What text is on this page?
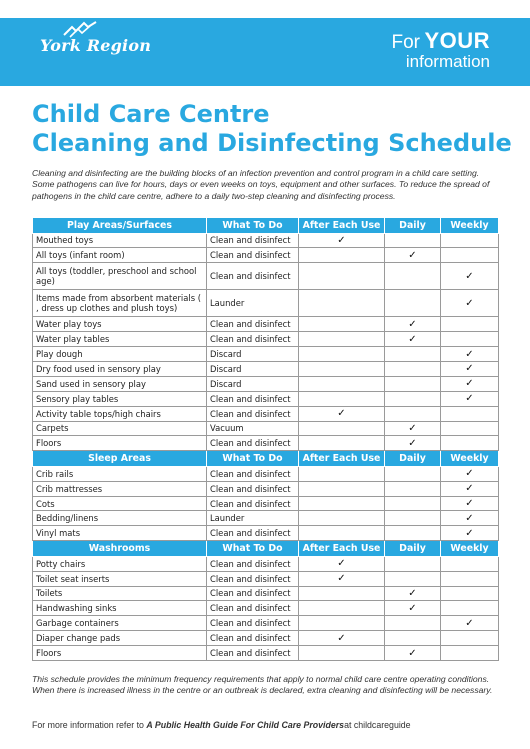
York Region	For YOUR
information
Child Care Centre
Cleaning and Disinfecting Schedule

Cleaning and disinfecting are the building blocks of an infection prevention and control program in a child care setting. Some pathogens can live for hours, days or even weeks on toys, equipment and other surfaces. To reduce the spread of pathogens in the child care centre, adhere to a daily two-step cleaning and disinfecting process.

Play Areas/Surfaces	What To Do	After Each Use	Daily	Weekly
Mouthed toys	Clean and disinfect	✓		
All toys (infant room)	Clean and disinfect		✓	
All toys (toddler, preschool and school age)	Clean and disinfect			✓
Items made from absorbent materials ( , dress up clothes and plush toys)	Launder			✓
Water play toys	Clean and disinfect		✓	
Water play tables	Clean and disinfect		✓	
Play dough	Discard			✓
Dry food used in sensory play	Discard			✓
Sand used in sensory play	Discard			✓
Sensory play tables	Clean and disinfect			✓
Activity table tops/high chairs	Clean and disinfect	✓		
Carpets	Vacuum		✓	
Floors	Clean and disinfect		✓	
Sleep Areas	What To Do	After Each Use	Daily	Weekly
Crib rails	Clean and disinfect			✓
Crib mattresses	Clean and disinfect			✓
Cots	Clean and disinfect			✓
Bedding/linens	Launder			✓
Vinyl mats	Clean and disinfect			✓
Washrooms	What To Do	After Each Use	Daily	Weekly
Potty chairs	Clean and disinfect	✓		
Toilet seat inserts	Clean and disinfect	✓		
Toilets	Clean and disinfect		✓	
Handwashing sinks	Clean and disinfect		✓	
Garbage containers	Clean and disinfect			✓
Diaper change pads	Clean and disinfect	✓		
Floors	Clean and disinfect		✓	

This schedule provides the minimum frequency requirements that apply to normal child care centre operating conditions. When there is increased illness in the centre or an outbreak is declared, extra cleaning and disinfecting will be necessary.

For more information refer to A Public Health Guide For Child Care Providersat childcareguide
